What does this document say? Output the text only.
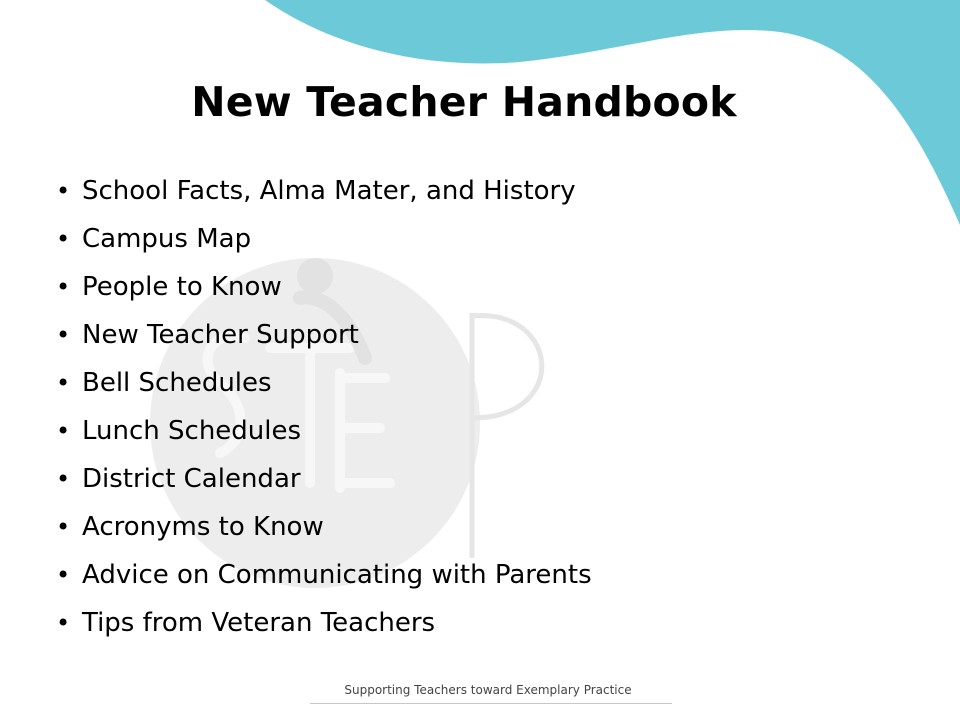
New Teacher Handbook
• School Facts, Alma Mater, and History
• Campus Map
• People to Know
• New Teacher Support
• Bell Schedules
• Lunch Schedules
• District Calendar
• Acronyms to Know
• Advice on Communicating with Parents
• Tips from Veteran Teachers
Supporting Teachers toward Exemplary Practice
